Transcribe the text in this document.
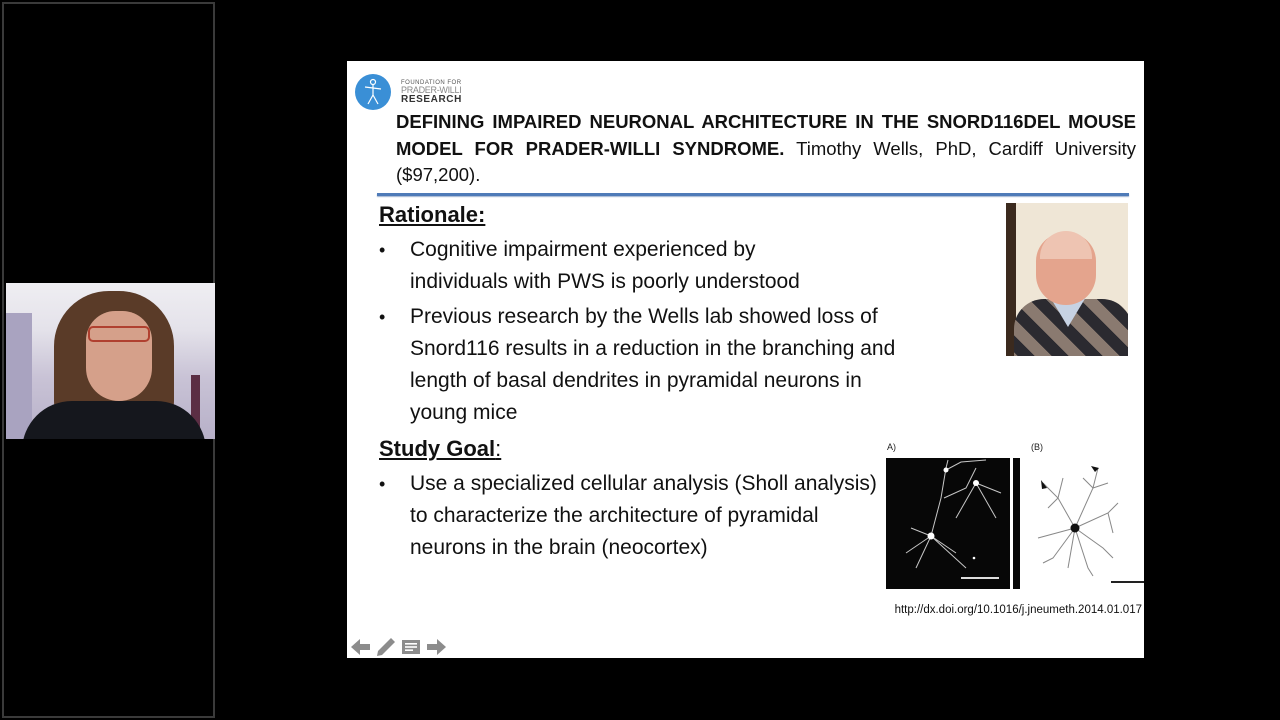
FOUNDATION FOR
PRADER-WILLI
RESEARCH
DEFINING IMPAIRED NEURONAL ARCHITECTURE IN THE SNORD116DEL MOUSE MODEL FOR PRADER-WILLI SYNDROME. Timothy Wells, PhD, Cardiff University ($97,200).
Rationale:
• Cognitive impairment experienced by individuals with PWS is poorly understood
• Previous research by the Wells lab showed loss of Snord116 results in a reduction in the branching and length of basal dendrites in pyramidal neurons in young mice
Study Goal:
• Use a specialized cellular analysis (Sholl analysis) to characterize the architecture of pyramidal neurons in the brain (neocortex)
A)	(B)
http://dx.doi.org/10.1016/j.jneumeth.2014.01.017
